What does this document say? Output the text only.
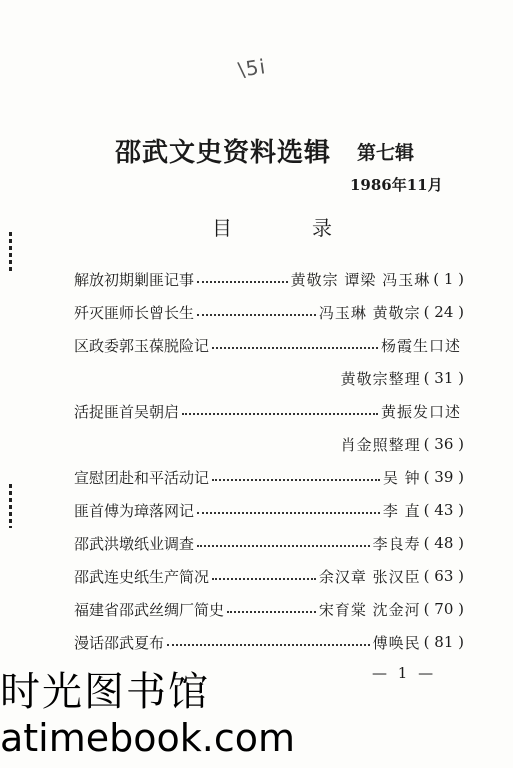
\5i
邵武文史资料选辑 第七辑
1986年11月
目	录
解放初期剿匪记事	黄敬宗 谭梁 冯玉琳 ( 1 )
歼灭匪师长曾长生	冯玉琳 黄敬宗 ( 24 )
区政委郭玉葆脱险记	杨霞生口述
黄敬宗整理 ( 31 )
活捉匪首吴朝启	黄振发口述
肖金照整理 ( 36 )
宣慰团赴和平活动记	吴 钟 ( 39 )
匪首傅为璋落网记	李 直 ( 43 )
邵武洪墩纸业调查	李良寿 ( 48 )
邵武连史纸生产简况	余汉章 张汉臣 ( 63 )
福建省邵武丝绸厂简史	宋育棠 沈金河 ( 70 )
漫话邵武夏布	傅唤民 ( 81 )
— 1 —
时光图书馆
atimebook.com
